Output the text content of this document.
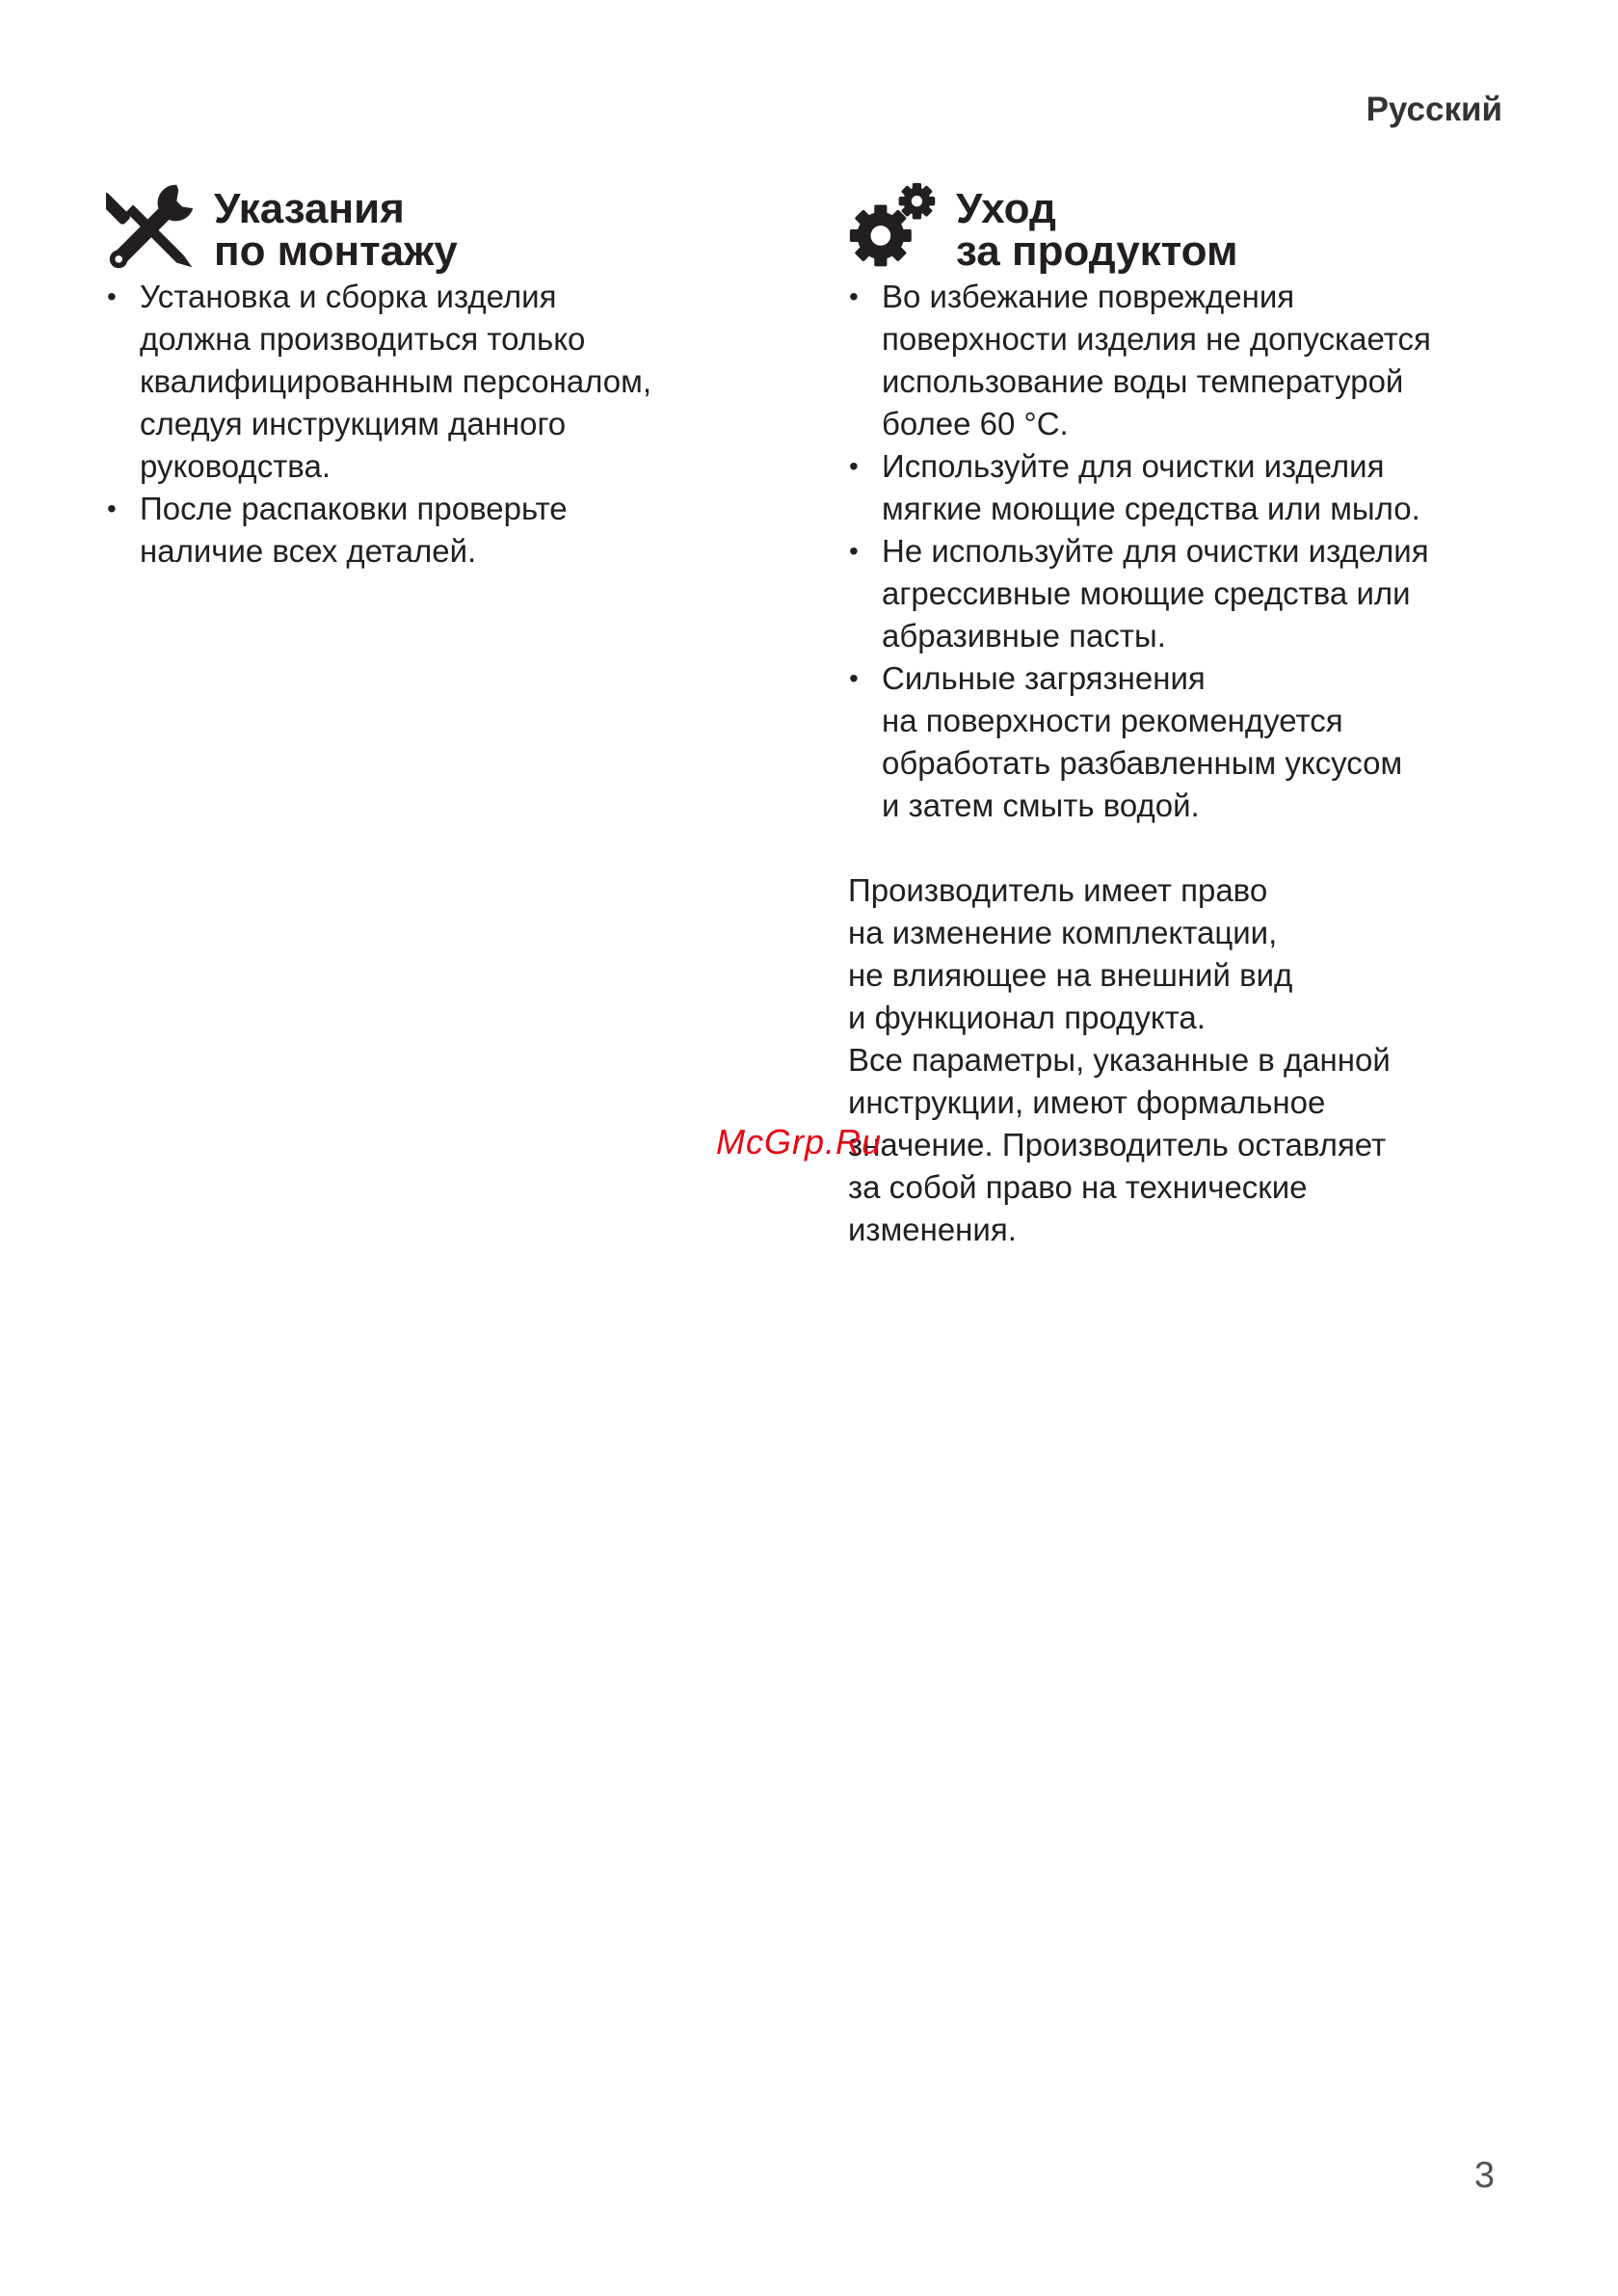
Русский
Указания
по монтажу
• Установка и сборка изделия
должна производиться только
квалифицированным персоналом,
следуя инструкциям данного
руководства.
• После распаковки проверьте
наличие всех деталей.
Уход
за продуктом
• Во избежание повреждения
поверхности изделия не допускается
использование воды температурой
более 60 °С.
• Используйте для очистки изделия
мягкие моющие средства или мыло.
• Не используйте для очистки изделия
агрессивные моющие средства или
абразивные пасты.
• Сильные загрязнения
на поверхности рекомендуется
обработать разбавленным уксусом
и затем смыть водой.
Производитель имеет право
на изменение комплектации,
не влияющее на внешний вид
и функционал продукта.
Все параметры, указанные в данной
инструкции, имеют формальное
значение. Производитель оставляет
за собой право на технические
изменения.
McGrp.Ru
3
